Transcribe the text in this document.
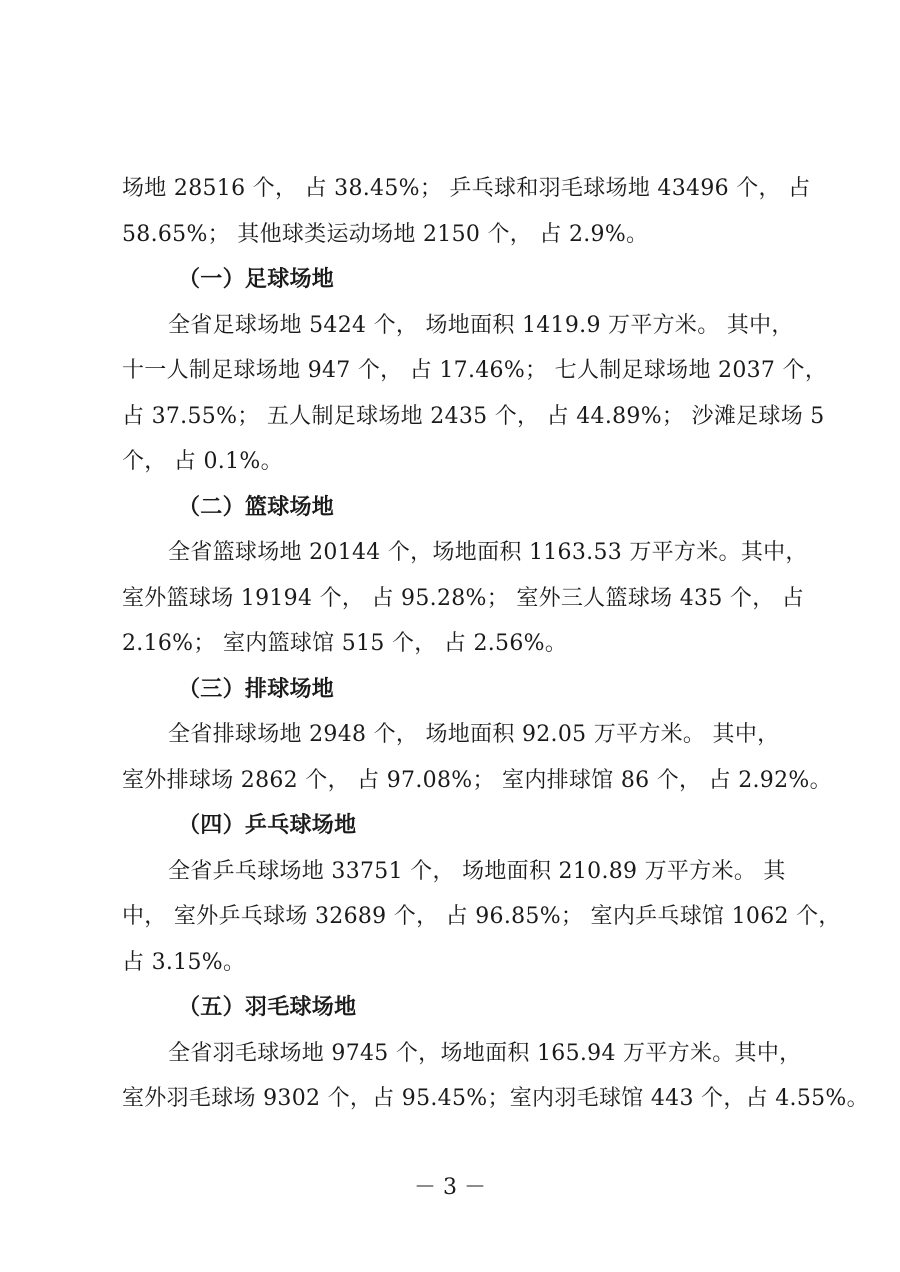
场地 28516 个， 占 38.45%； 乒乓球和羽毛球场地 43496 个， 占
58.65%； 其他球类运动场地 2150 个， 占 2.9%。
（一）足球场地
全省足球场地 5424 个， 场地面积 1419.9 万平方米。 其中，
十一人制足球场地 947 个， 占 17.46%； 七人制足球场地 2037 个，
占 37.55%； 五人制足球场地 2435 个， 占 44.89%； 沙滩足球场 5
个， 占 0.1%。
（二）篮球场地
全省篮球场地 20144 个，场地面积 1163.53 万平方米。其中，
室外篮球场 19194 个， 占 95.28%； 室外三人篮球场 435 个， 占
2.16%； 室内篮球馆 515 个， 占 2.56%。
（三）排球场地
全省排球场地 2948 个， 场地面积 92.05 万平方米。 其中，
室外排球场 2862 个， 占 97.08%； 室内排球馆 86 个， 占 2.92%。
（四）乒乓球场地
全省乒乓球场地 33751 个， 场地面积 210.89 万平方米。 其
中， 室外乒乓球场 32689 个， 占 96.85%； 室内乒乓球馆 1062 个，
占 3.15%。
（五）羽毛球场地
全省羽毛球场地 9745 个，场地面积 165.94 万平方米。其中，
室外羽毛球场 9302 个，占 95.45%；室内羽毛球馆 443 个，占 4.55%。
－ 3 －
